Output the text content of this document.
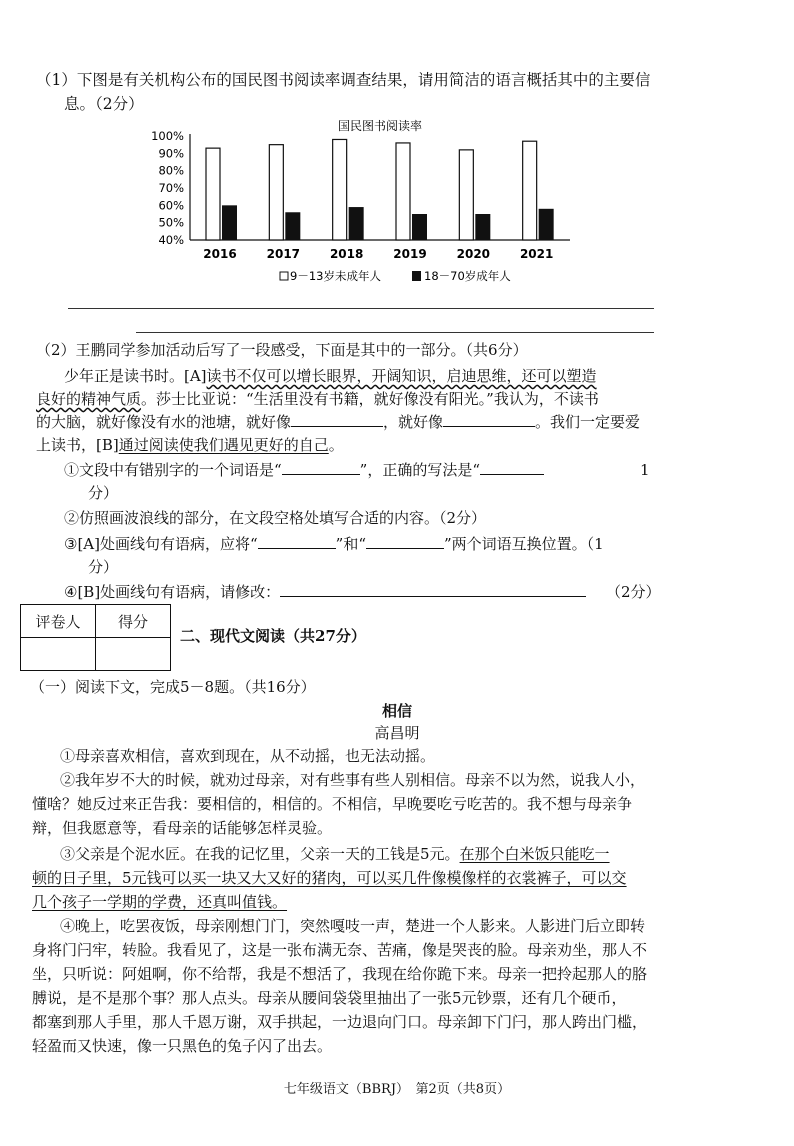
（1）下图是有关机构公布的国民图书阅读率调查结果，请用简洁的语言概括其中的主要信
息。（2分）
国民图书阅读率
100%
90%
80%
70%
60%
50%
40%
2016 2017 2018 2019 2020 2021
9－13岁未成年人	18－70岁成年人
（2）王鹏同学参加活动后写了一段感受，下面是其中的一部分。（共6分）
少年正是读书时。[A]读书不仅可以增长眼界，开阔知识，启迪思维，还可以塑造
良好的精神气质。莎士比亚说：“生活里没有书籍，就好像没有阳光。”我认为，不读书
的大脑，就好像没有水的池塘，就好像	，就好像	。我们一定要爱
上读书，[B]通过阅读使我们遇见更好的自己。
①文段中有错别字的一个词语是“	”，正确的写法是“	1
分）
②仿照画波浪线的部分，在文段空格处填写合适的内容。（2分）
③[A]处画线句有语病，应将“	”和“	”两个词语互换位置。（1
分）
④[B]处画线句有语病，请修改：	（2分）
评卷人	得分

二、现代文阅读（共27分）
（一）阅读下文，完成5－8题。（共16分）
相信
高昌明
①母亲喜欢相信，喜欢到现在，从不动摇，也无法动摇。
②我年岁不大的时候，就劝过母亲，对有些事有些人别相信。母亲不以为然，说我人小，
懂啥？她反过来正告我：要相信的，相信的。不相信，早晚要吃亏吃苦的。我不想与母亲争
辩，但我愿意等，看母亲的话能够怎样灵验。
③父亲是个泥水匠。在我的记忆里，父亲一天的工钱是5元。在那个白米饭只能吃一
顿的日子里，5元钱可以买一块又大又好的猪肉，可以买几件像模像样的衣裳裤子，可以交
几个孩子一学期的学费，还真叫值钱。
④晚上，吃罢夜饭，母亲刚想门门，突然嘎吱一声，楚进一个人影来。人影进门后立即转
身将门闩牢，转脸。我看见了，这是一张布满无奈、苦痛，像是哭丧的脸。母亲劝坐，那人不
坐，只听说：阿姐啊，你不给帮，我是不想活了，我现在给你跪下来。母亲一把拎起那人的胳
膊说，是不是那个事？那人点头。母亲从腰间袋袋里抽出了一张5元钞票，还有几个硬币，
都塞到那人手里，那人千恩万谢，双手拱起，一边退向门口。母亲卸下门闩，那人跨出门槛，
轻盈而又快速，像一只黑色的兔子闪了出去。
七年级语文（BBRJ）　第2页（共8页）
